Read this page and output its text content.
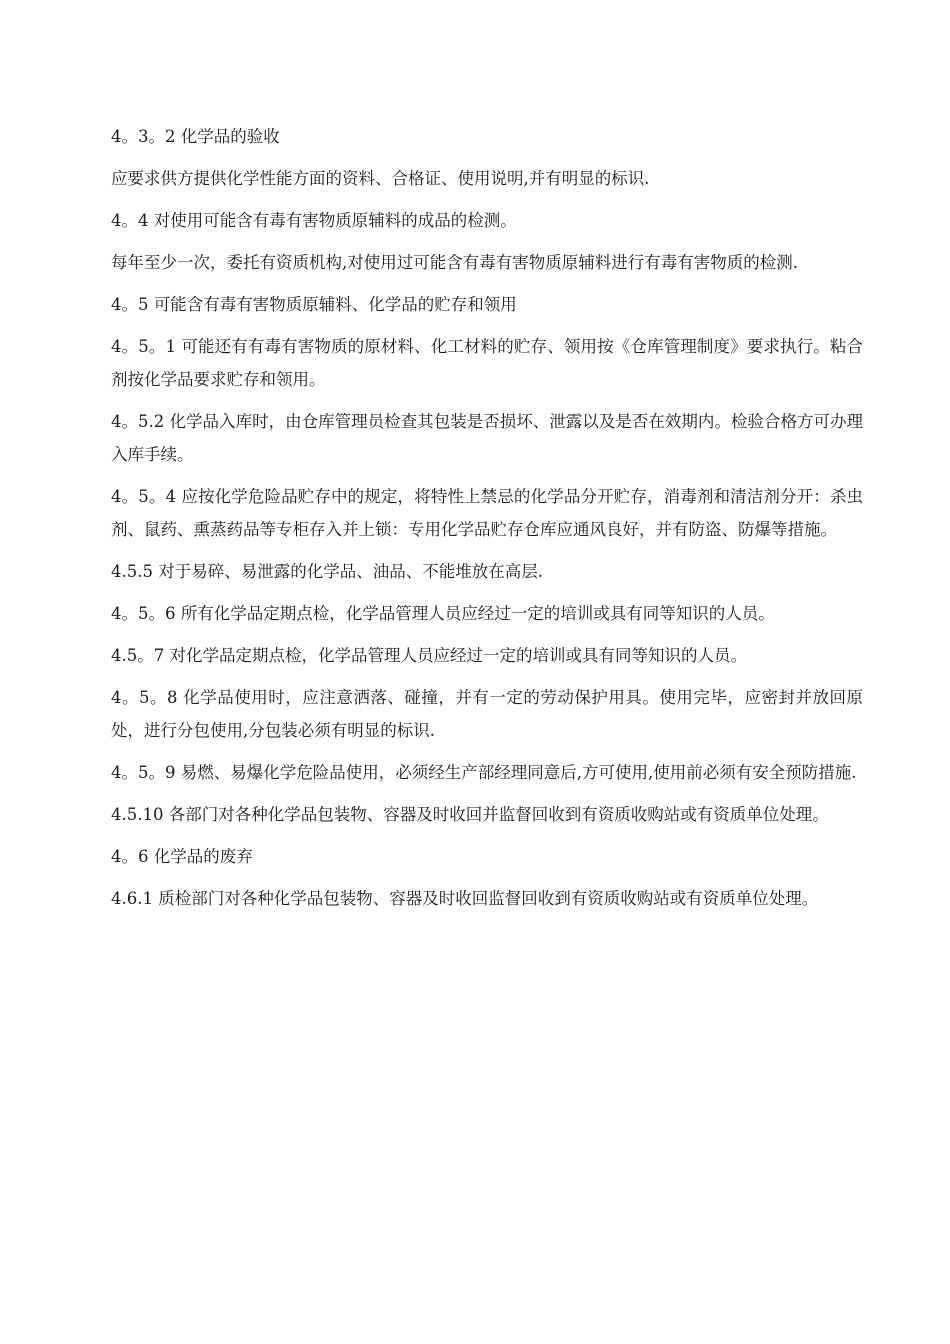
4。3。2 化学品的验收

应要求供方提供化学性能方面的资料、合格证、使用说明,并有明显的标识.

4。4 对使用可能含有毒有害物质原辅料的成品的检测。

每年至少一次，委托有资质机构,对使用过可能含有毒有害物质原辅料进行有毒有害物质的检测.

4。5 可能含有毒有害物质原辅料、化学品的贮存和领用

4。5。1 可能还有有毒有害物质的原材料、化工材料的贮存、领用按《仓库管理制度》要求执行。粘合剂按化学品要求贮存和领用。

4。5.2 化学品入库时，由仓库管理员检查其包装是否损坏、泄露以及是否在效期内。检验合格方可办理入库手续。

4。5。4 应按化学危险品贮存中的规定，将特性上禁忌的化学品分开贮存，消毒剂和清洁剂分开：杀虫剂、鼠药、熏蒸药品等专柜存入并上锁：专用化学品贮存仓库应通风良好，并有防盗、防爆等措施。

4.5.5 对于易碎、易泄露的化学品、油品、不能堆放在高层.

4。5。6 所有化学品定期点检，化学品管理人员应经过一定的培训或具有同等知识的人员。

4.5。7 对化学品定期点检，化学品管理人员应经过一定的培训或具有同等知识的人员。

4。5。8 化学品使用时，应注意洒落、碰撞，并有一定的劳动保护用具。使用完毕，应密封并放回原处，进行分包使用,分包装必须有明显的标识.

4。5。9 易燃、易爆化学危险品使用，必须经生产部经理同意后,方可使用,使用前必须有安全预防措施.

4.5.10 各部门对各种化学品包装物、容器及时收回并监督回收到有资质收购站或有资质单位处理。

4。6 化学品的废弃

4.6.1 质检部门对各种化学品包装物、容器及时收回监督回收到有资质收购站或有资质单位处理。
